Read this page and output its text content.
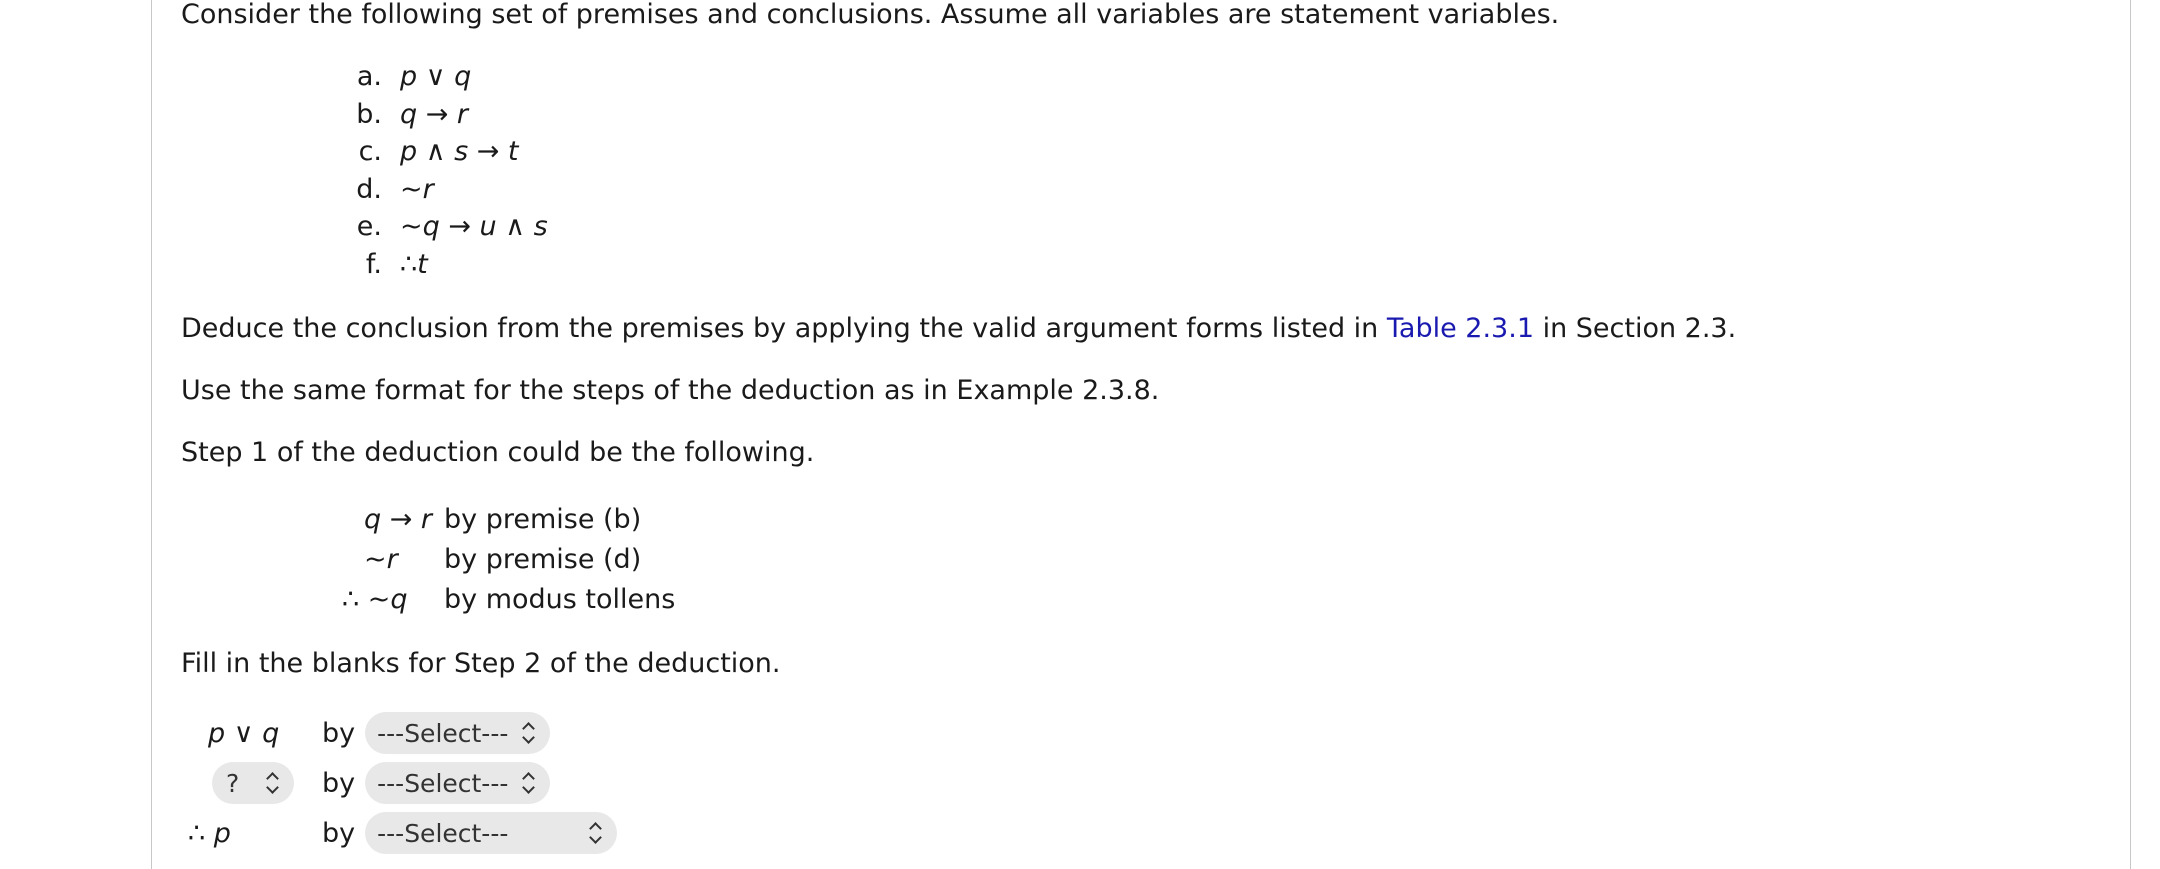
Consider the following set of premises and conclusions. Assume all variables are statement variables.
a. p ∨ q
b. q → r
c. p ∧ s → t
d. ~r
e. ~q → u ∧ s
f. ∴t
Deduce the conclusion from the premises by applying the valid argument forms listed in Table 2.3.1 in Section 2.3.
Use the same format for the steps of the deduction as in Example 2.3.8.
Step 1 of the deduction could be the following.
q → r by premise (b)
~r	by premise (d)
∴ ~q	by modus tollens
Fill in the blanks for Step 2 of the deduction.
p ∨ q by ---Select---
?	by ---Select---
∴ p	by ---Select---
